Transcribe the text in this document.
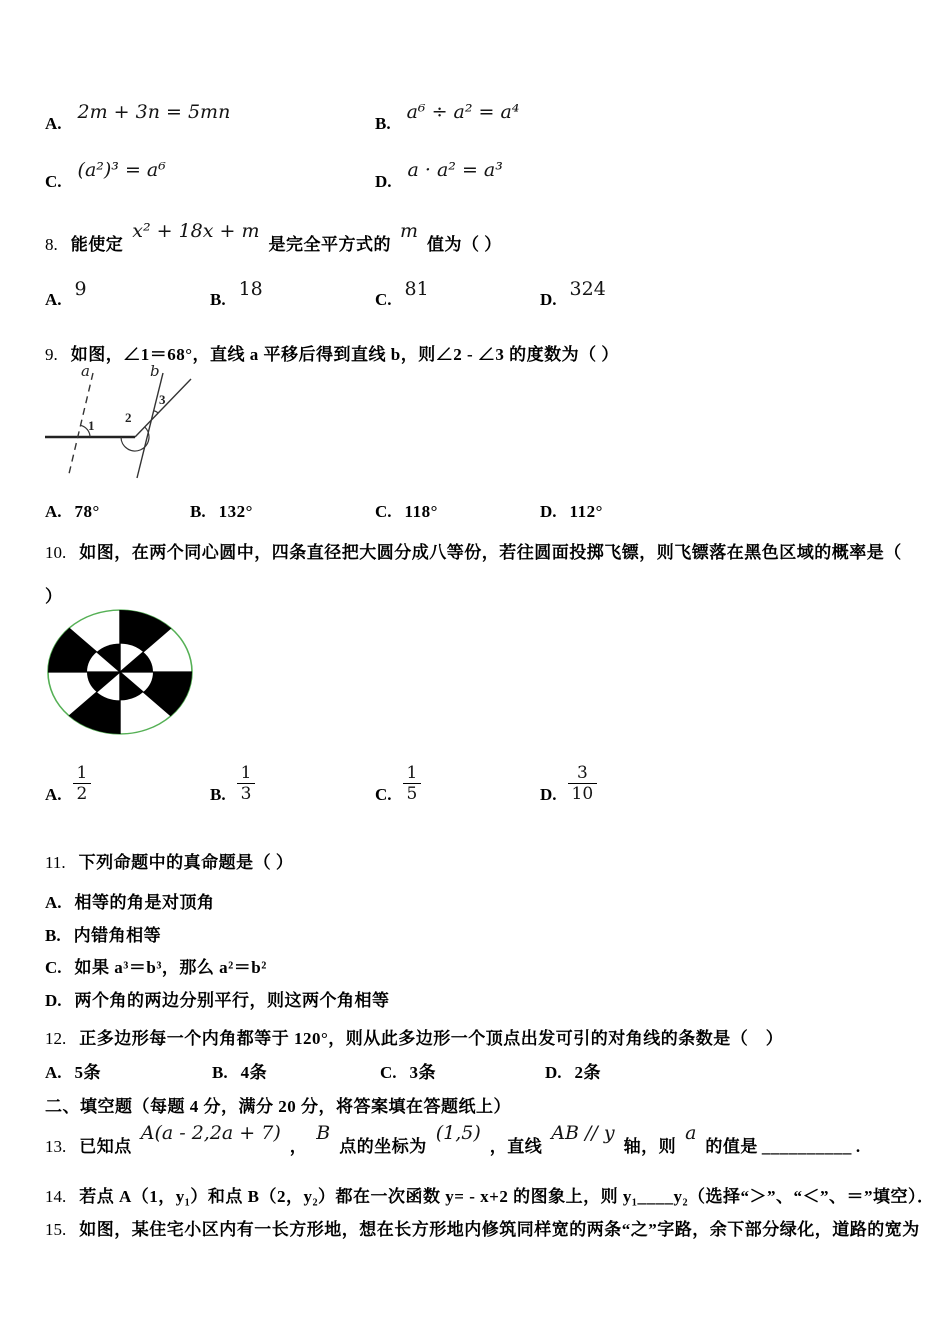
A. 2m + 3n = 5mn
B. a⁶ ÷ a² = a⁴
C. (a²)³ = a⁶
D. a · a² = a³
8. 能使定 x² + 18x + m 是完全平方式的 m 值为（ ）
A. 9	B. 18	C. 81	D. 324
9. 如图，∠1＝68°，直线 a 平移后得到直线 b，则∠2 - ∠3 的度数为（ ）
a	b
1
2
3
A. 78°	B. 132°	C. 118°	D. 112°
10. 如图，在两个同心圆中，四条直径把大圆分成八等份，若往圆面投掷飞镖，则飞镖落在黑色区域的概率是（
）
A. $\frac{1}{2}$	B. $\frac{1}{3}$	C. $\frac{1}{5}$	D. $\frac{3}{10}$
11. 下列命题中的真命题是（ ）
A. 相等的角是对顶角
B. 内错角相等
C. 如果 a³＝b³，那么 a²＝b²
D. 两个角的两边分别平行，则这两个角相等
12. 正多边形每一个内角都等于 120°，则从此多边形一个顶点出发可引的对角线的条数是（　）
A. 5条	B. 4条	C. 3条	D. 2条
二、填空题（每题 4 分，满分 20 分，将答案填在答题纸上）
13. 已知点 A(a - 2,2a + 7) ， B 点的坐标为 (1,5) ，直线 AB // y 轴，则 a 的值是 __________ .
14. 若点 A（1，y₁）和点 B（2，y₂）都在一次函数 y= - x+2 的图象上，则 y₁____y₂（选择“＞”、“＜”、＝”填空）．
15. 如图，某住宅小区内有一长方形地，想在长方形地内修筑同样宽的两条“之”字路，余下部分绿化，道路的宽为
